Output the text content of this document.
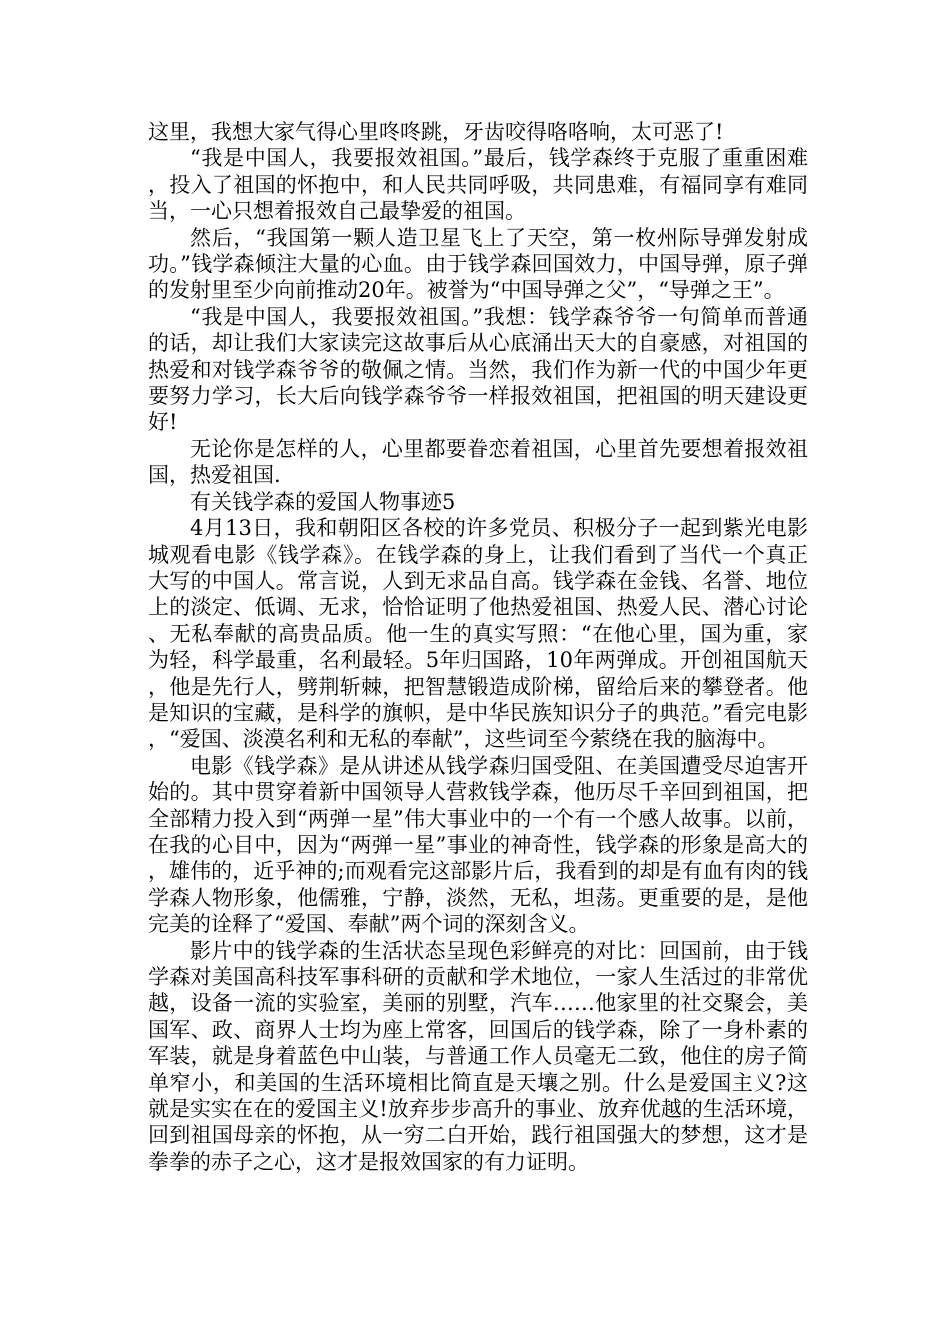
这里，我想大家气得心里咚咚跳，牙齿咬得咯咯响，太可恶了!

“我是中国人，我要报效祖国。”最后，钱学森终于克服了重重困难，投入了祖国的怀抱中，和人民共同呼吸，共同患难，有福同享有难同当，一心只想着报效自己最挚爱的祖国。

然后，“我国第一颗人造卫星飞上了天空，第一枚州际导弹发射成功。”钱学森倾注大量的心血。由于钱学森回国效力，中国导弹，原子弹的发射里至少向前推动20年。被誉为“中国导弹之父”，“导弹之王”。

“我是中国人，我要报效祖国。”我想：钱学森爷爷一句简单而普通的话，却让我们大家读完这故事后从心底涌出天大的自豪感，对祖国的热爱和对钱学森爷爷的敬佩之情。当然，我们作为新一代的中国少年更要努力学习，长大后向钱学森爷爷一样报效祖国，把祖国的明天建设更好!

无论你是怎样的人，心里都要眷恋着祖国，心里首先要想着报效祖国，热爱祖国.

有关钱学森的爱国人物事迹5

4月13日，我和朝阳区各校的许多党员、积极分子一起到紫光电影城观看电影《钱学森》。在钱学森的身上，让我们看到了当代一个真正大写的中国人。常言说，人到无求品自高。钱学森在金钱、名誉、地位上的淡定、低调、无求，恰恰证明了他热爱祖国、热爱人民、潜心讨论、无私奉献的高贵品质。他一生的真实写照：“在他心里，国为重，家为轻，科学最重，名利最轻。5年归国路，10年两弹成。开创祖国航天，他是先行人，劈荆斩棘，把智慧锻造成阶梯，留给后来的攀登者。他是知识的宝藏，是科学的旗帜，是中华民族知识分子的典范。”看完电影，“爱国、淡漠名利和无私的奉献”，这些词至今萦绕在我的脑海中。

电影《钱学森》是从讲述从钱学森归国受阻、在美国遭受尽迫害开始的。其中贯穿着新中国领导人营救钱学森，他历尽千辛回到祖国，把全部精力投入到“两弹一星”伟大事业中的一个有一个感人故事。以前，在我的心目中，因为“两弹一星”事业的神奇性，钱学森的形象是高大的，雄伟的，近乎神的;而观看完这部影片后，我看到的却是有血有肉的钱学森人物形象，他儒雅，宁静，淡然，无私，坦荡。更重要的是，是他完美的诠释了“爱国、奉献”两个词的深刻含义。

影片中的钱学森的生活状态呈现色彩鲜亮的对比：回国前，由于钱学森对美国高科技军事科研的贡献和学术地位，一家人生活过的非常优越，设备一流的实验室，美丽的别墅，汽车……他家里的社交聚会，美国军、政、商界人士均为座上常客，回国后的钱学森，除了一身朴素的军装，就是身着蓝色中山装，与普通工作人员毫无二致，他住的房子简单窄小，和美国的生活环境相比简直是天壤之别。什么是爱国主义?这就是实实在在的爱国主义!放弃步步高升的事业、放弃优越的生活环境，回到祖国母亲的怀抱，从一穷二白开始，践行祖国强大的梦想，这才是拳拳的赤子之心，这才是报效国家的有力证明。
